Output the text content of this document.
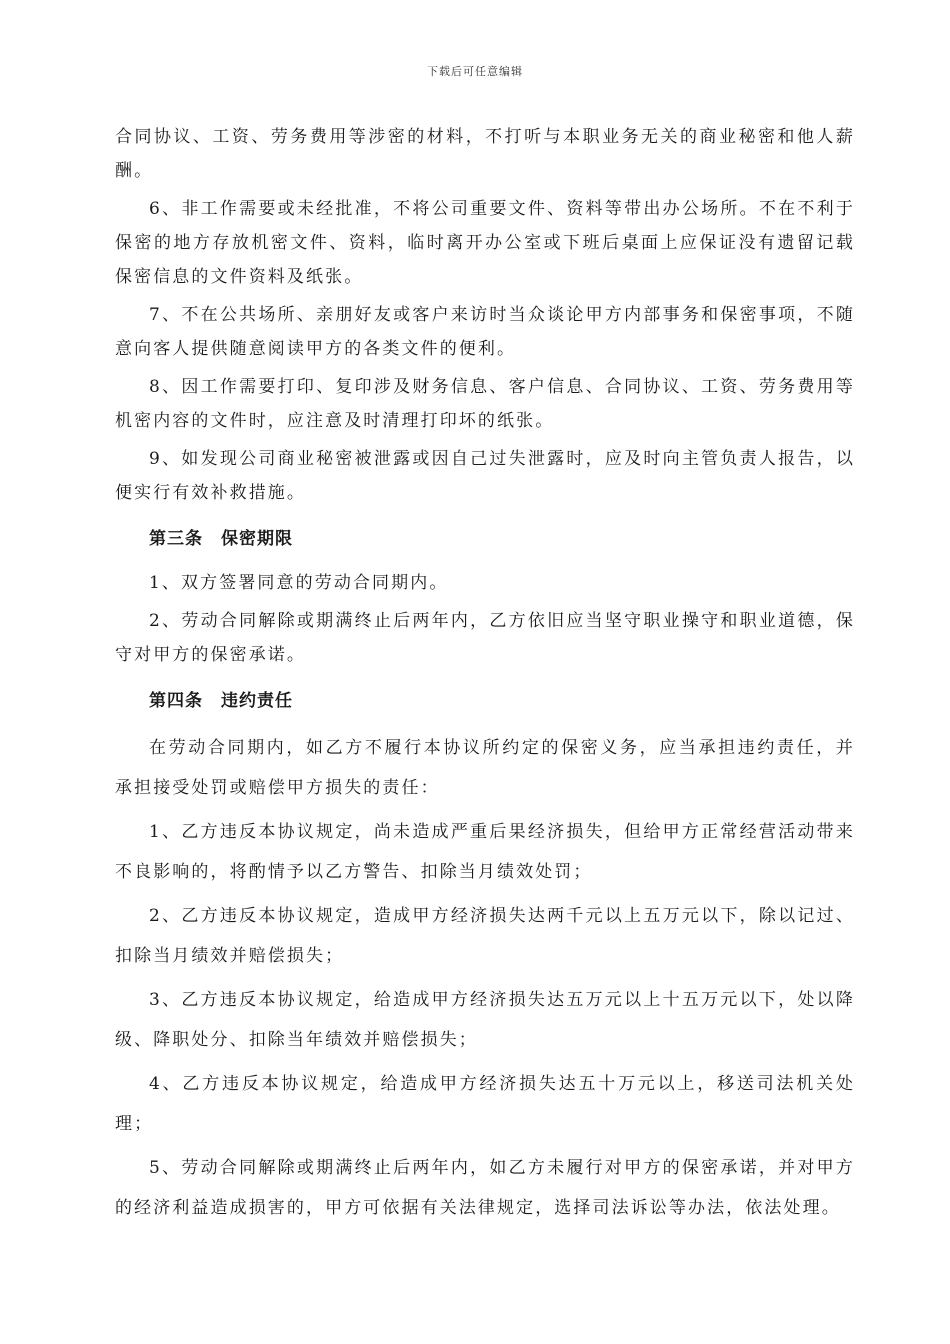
下载后可任意编辑

合同协议、工资、劳务费用等涉密的材料，不打听与本职业务无关的商业秘密和他人薪酬。

6、非工作需要或未经批准，不将公司重要文件、资料等带出办公场所。不在不利于保密的地方存放机密文件、资料，临时离开办公室或下班后桌面上应保证没有遗留记载保密信息的文件资料及纸张。

7、不在公共场所、亲朋好友或客户来访时当众谈论甲方内部事务和保密事项，不随意向客人提供随意阅读甲方的各类文件的便利。

8、因工作需要打印、复印涉及财务信息、客户信息、合同协议、工资、劳务费用等机密内容的文件时，应注意及时清理打印坏的纸张。

9、如发现公司商业秘密被泄露或因自己过失泄露时，应及时向主管负责人报告，以便实行有效补救措施。

第三条　保密期限

1、双方签署同意的劳动合同期内。

2、劳动合同解除或期满终止后两年内，乙方依旧应当坚守职业操守和职业道德，保守对甲方的保密承诺。

第四条　违约责任

在劳动合同期内，如乙方不履行本协议所约定的保密义务，应当承担违约责任，并承担接受处罚或赔偿甲方损失的责任：

1、乙方违反本协议规定，尚未造成严重后果经济损失，但给甲方正常经营活动带来不良影响的，将酌情予以乙方警告、扣除当月绩效处罚；

2、乙方违反本协议规定，造成甲方经济损失达两千元以上五万元以下，除以记过、扣除当月绩效并赔偿损失；

3、乙方违反本协议规定，给造成甲方经济损失达五万元以上十五万元以下，处以降级、降职处分、扣除当年绩效并赔偿损失；

4、乙方违反本协议规定，给造成甲方经济损失达五十万元以上，移送司法机关处理；

5、劳动合同解除或期满终止后两年内，如乙方未履行对甲方的保密承诺，并对甲方的经济利益造成损害的，甲方可依据有关法律规定，选择司法诉讼等办法，依法处理。
